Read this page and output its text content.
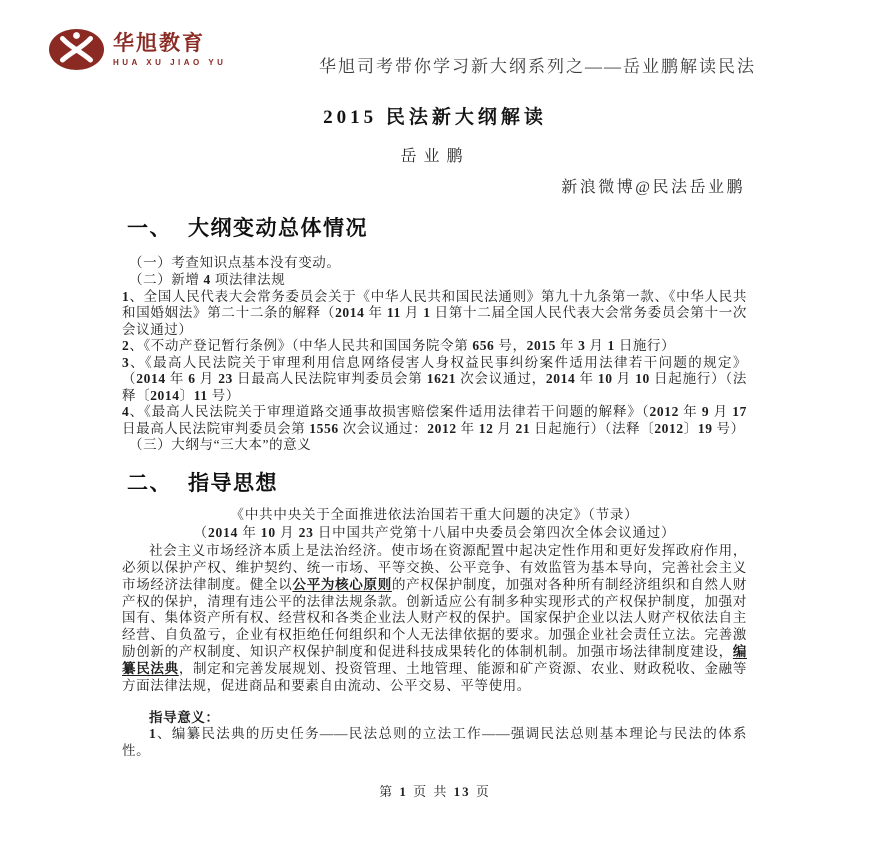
华旭教育
HUA XU JIAO YU	华旭司考带你学习新大纲系列之——岳业鹏解读民法
2015 民法新大纲解读
岳业鹏
新浪微博@民法岳业鹏
一、 大纲变动总体情况

（一）考查知识点基本没有变动。

（二）新增 4 项法律法规

1、全国人民代表大会常务委员会关于《中华人民共和国民法通则》第九十九条第一款、《中华人民共和国婚姻法》第二十二条的解释（2014 年 11 月 1 日第十二届全国人民代表大会常务委员会第十一次会议通过）

2、《不动产登记暂行条例》（中华人民共和国国务院令第 656 号，2015 年 3 月 1 日施行）

3、《最高人民法院关于审理利用信息网络侵害人身权益民事纠纷案件适用法律若干问题的规定》（2014 年 6 月 23 日最高人民法院审判委员会第 1621 次会议通过，2014 年 10 月 10 日起施行）（法释〔2014〕11 号）

4、《最高人民法院关于审理道路交通事故损害赔偿案件适用法律若干问题的解释》（2012 年 9 月 17 日最高人民法院审判委员会第 1556 次会议通过：2012 年 12 月 21 日起施行）（法释〔2012〕19 号）

（三）大纲与“三大本”的意义

二、 指导思想

《中共中央关于全面推进依法治国若干重大问题的决定》（节录）

（2014 年 10 月 23 日中国共产党第十八届中央委员会第四次全体会议通过）

社会主义市场经济本质上是法治经济。使市场在资源配置中起决定性作用和更好发挥政府作用，必须以保护产权、维护契约、统一市场、平等交换、公平竞争、有效监管为基本导向，完善社会主义市场经济法律制度。健全以公平为核心原则的产权保护制度，加强对各种所有制经济组织和自然人财产权的保护，清理有违公平的法律法规条款。创新适应公有制多种实现形式的产权保护制度，加强对国有、集体资产所有权、经营权和各类企业法人财产权的保护。国家保护企业以法人财产权依法自主经营、自负盈亏，企业有权拒绝任何组织和个人无法律依据的要求。加强企业社会责任立法。完善激励创新的产权制度、知识产权保护制度和促进科技成果转化的体制机制。加强市场法律制度建设，编纂民法典，制定和完善发展规划、投资管理、土地管理、能源和矿产资源、农业、财政税收、金融等方面法律法规，促进商品和要素自由流动、公平交易、平等使用。

指导意义：

1、编纂民法典的历史任务——民法总则的立法工作——强调民法总则基本理论与民法的体系性。

第 1 页 共 13 页
